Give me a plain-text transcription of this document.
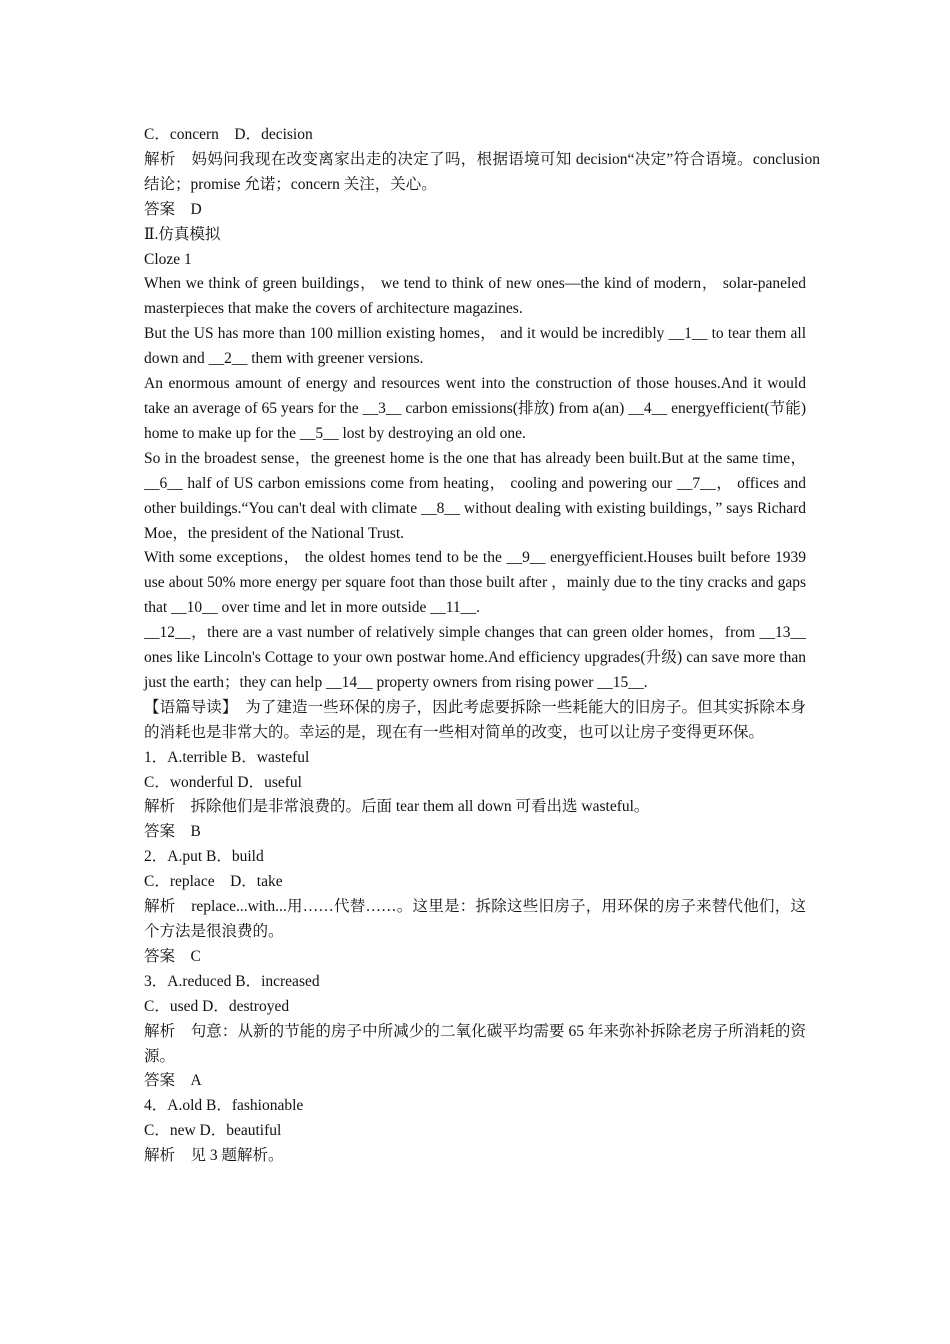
C．concern　D．decision

解析　妈妈问我现在改变离家出走的决定了吗，根据语境可知 decision“决定”符合语境。conclusion 结论；promise 允诺；concern 关注，关心。

答案　D

Ⅱ.仿真模拟

Cloze 1

When we think of green buildings， we tend to think of new ones—the kind of modern， solar-paneled masterpieces that make the covers of architecture magazines.

But the US has more than 100 million existing homes， and it would be incredibly __1__ to tear them all down and __2__ them with greener versions.

An enormous amount of energy and resources went into the construction of those houses.And it would take an average of 65 years for the __3__ carbon emissions(排放) from a(an) __4__ energyefficient(节能) home to make up for the __5__ lost by destroying an old one.

So in the broadest sense，the greenest home is the one that has already been built.But at the same time， __6__ half of US carbon emissions come from heating， cooling and powering our __7__， offices and other buildings.“You can't deal with climate __8__ without dealing with existing buildings，” says Richard Moe，the president of the National Trust.

With some exceptions， the oldest homes tend to be the __9__ energyefficient.Houses built before 1939 use about 50% more energy per square foot than those built after ，mainly due to the tiny cracks and gaps that __10__ over time and let in more outside __11__.

__12__，there are a vast number of relatively simple changes that can green older homes，from __13__ ones like Lincoln's Cottage to your own postwar home.And efficiency upgrades(升级) can save more than just the earth；they can help __14__ property owners from rising power __15__.

【语篇导读】　为了建造一些环保的房子，因此考虑要拆除一些耗能大的旧房子。但其实拆除本身的消耗也是非常大的。幸运的是，现在有一些相对简单的改变，也可以让房子变得更环保。

1．A.terrible B．wasteful

C．wonderful D．useful

解析　拆除他们是非常浪费的。后面 tear them all down 可看出选 wasteful。

答案　B

2．A.put B．build

C．replace　D．take

解析　replace...with...用……代替……。这里是：拆除这些旧房子，用环保的房子来替代他们，这个方法是很浪费的。

答案　C

3．A.reduced B．increased

C．used D．destroyed

解析　句意：从新的节能的房子中所减少的二氧化碳平均需要 65 年来弥补拆除老房子所消耗的资源。

答案　A

4．A.old B．fashionable

C．new D．beautiful

解析　见 3 题解析。
